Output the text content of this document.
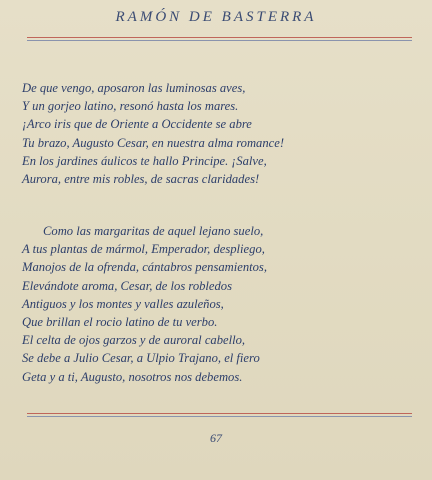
RAMÓN DE BASTERRA
De que vengo, aposaron las luminosas aves,
Y un gorjeo latino, resonó hasta los mares.
¡Arco iris que de Oriente a Occidente se abre
Tu brazo, Augusto Cesar, en nuestra alma romance!
En los jardines áulicos te hallo Principe. ¡Salve,
Aurora, entre mis robles, de sacras claridades!
Como las margaritas de aquel lejano suelo,
A tus plantas de mármol, Emperador, despliego,
Manojos de la ofrenda, cántabros pensamientos,
Elevándote aroma, Cesar, de los robledos
Antiguos y los montes y valles azuleños,
Que brillan el rocio latino de tu verbo.
El celta de ojos garzos y de auroral cabello,
Se debe a Julio Cesar, a Ulpio Trajano, el fiero
Geta y a ti, Augusto, nosotros nos debemos.
67
